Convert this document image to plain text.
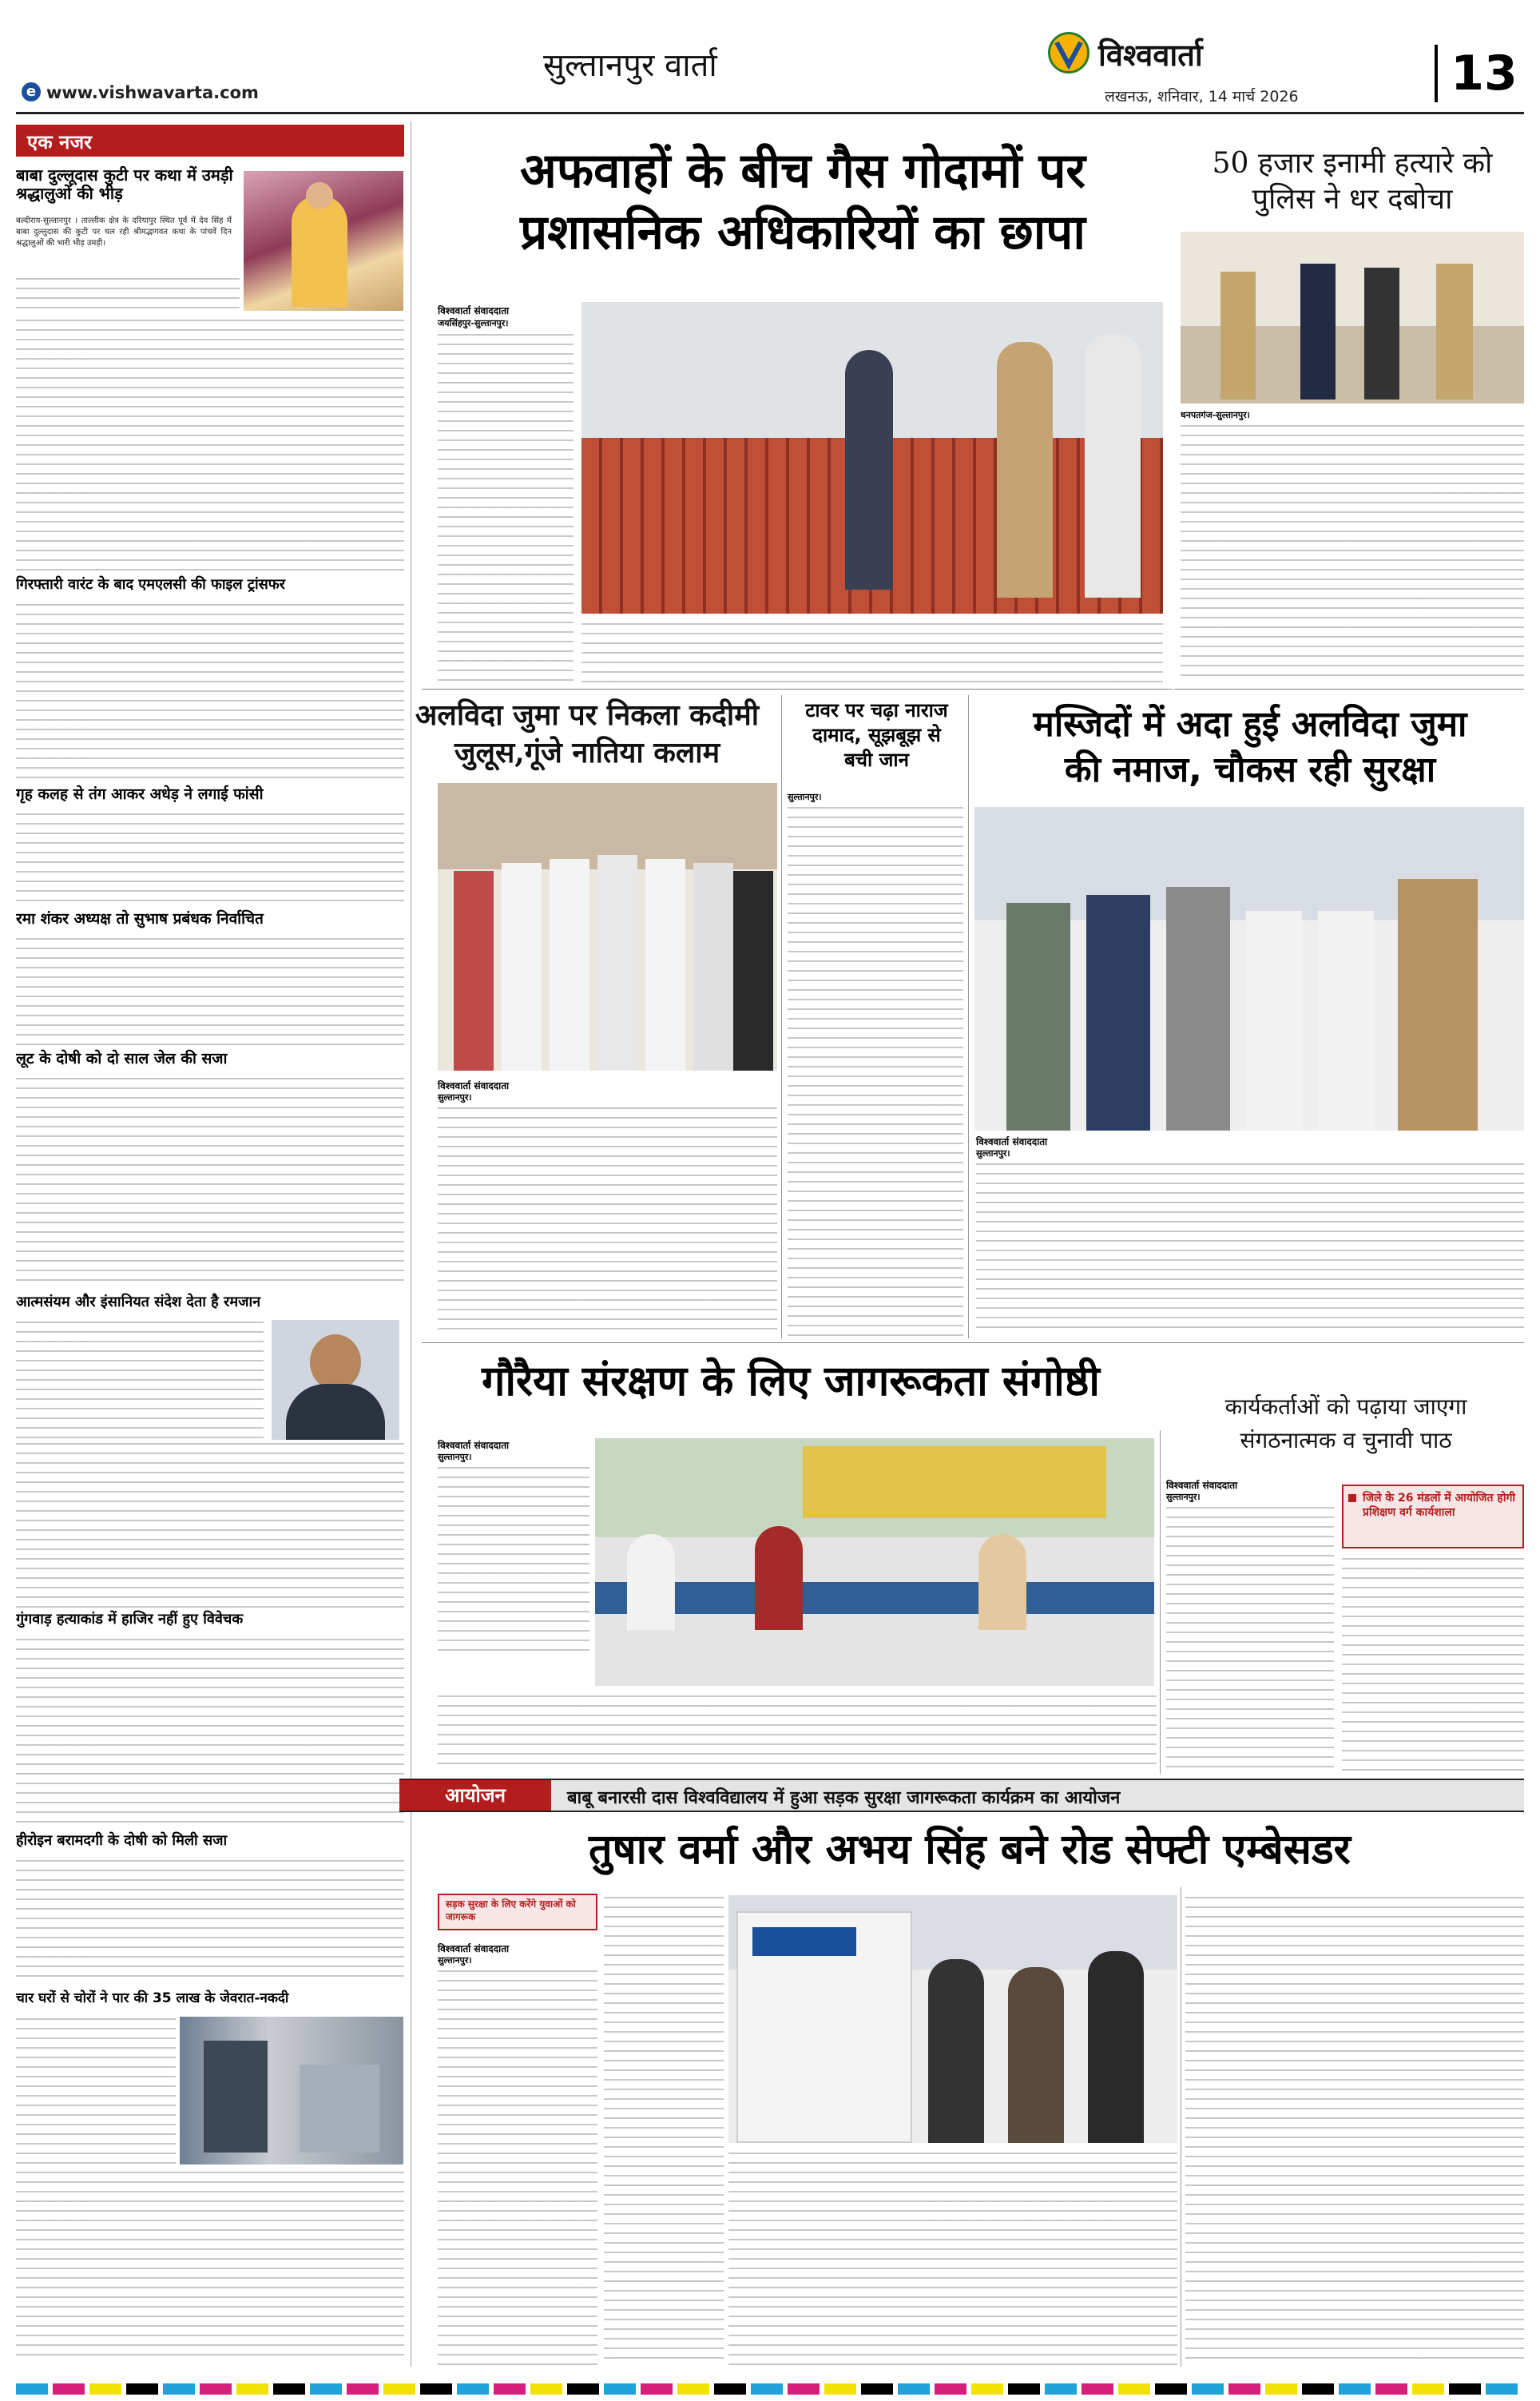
सुल्तानपुर वार्ता
e www.vishwavarta.com
विश्ववार्ता
लखनऊ, शनिवार, 14 मार्च 2026	13
एक नजर
बाबा दुल्लूदास कुटी पर कथा में उमड़ी श्रद्धालुओं की भीड़
बल्दीराय-सुल्तानपुर । ताल्लीक क्षेत्र के दरियापुर स्थित पूर्व में देव सिंह में बाबा दुल्लुदास की कुटी पर चल रही श्रीमद्भागवत कथा के पांचवें दिन श्रद्धालुओं की भारी भीड़ उमड़ी।
गिरफ्तारी वारंट के बाद एमएलसी की फाइल ट्रांसफर
गृह कलह से तंग आकर अधेड़ ने लगाई फांसी
रमा शंकर अध्यक्ष तो सुभाष प्रबंधक निर्वाचित
लूट के दोषी को दो साल जेल की सजा
आत्मसंयम और इंसानियत संदेश देता है रमजान
गुंगवाड़ हत्याकांड में हाजिर नहीं हुए विवेचक
हीरोइन बरामदगी के दोषी को मिली सजा
चार घरों से चोरों ने पार की 35 लाख के जेवरात-नकदी
अफवाहों के बीच गैस गोदामों पर
प्रशासनिक अधिकारियों का छापा
विश्ववार्ता संवाददाता
जयसिंहपुर-सुल्तानपुर।
50 हजार इनामी हत्यारे को
पुलिस ने धर दबोचा
धनपतगंज-सुल्तानपुर।
अलविदा जुमा पर निकला कदीमी
जुलूस,गूंजे नातिया कलाम
विश्ववार्ता संवाददाता
सुल्तानपुर।
टावर पर चढ़ा नाराज
दामाद, सूझबूझ से
बची जान
सुल्तानपुर।
मस्जिदों में अदा हुई अलविदा जुमा
की नमाज, चौकस रही सुरक्षा
विश्ववार्ता संवाददाता
सुल्तानपुर।
गौरैया संरक्षण के लिए जागरूकता संगोष्ठी
विश्ववार्ता संवाददाता
सुल्तानपुर।
कार्यकर्ताओं को पढ़ाया जाएगा
संगठनात्मक व चुनावी पाठ
विश्ववार्ता संवाददाता
सुल्तानपुर।	जिले के 26 मंडलों में आयोजित होगी प्रशिक्षण वर्ग कार्यशाला
आयोजन	बाबू बनारसी दास विश्वविद्यालय में हुआ सड़क सुरक्षा जागरूकता कार्यक्रम का आयोजन
तुषार वर्मा और अभय सिंह बने रोड सेफ्टी एम्बेसडर
सड़क सुरक्षा के लिए करेंगे युवाओं को जागरूक
विश्ववार्ता संवाददाता
सुल्तानपुर।
